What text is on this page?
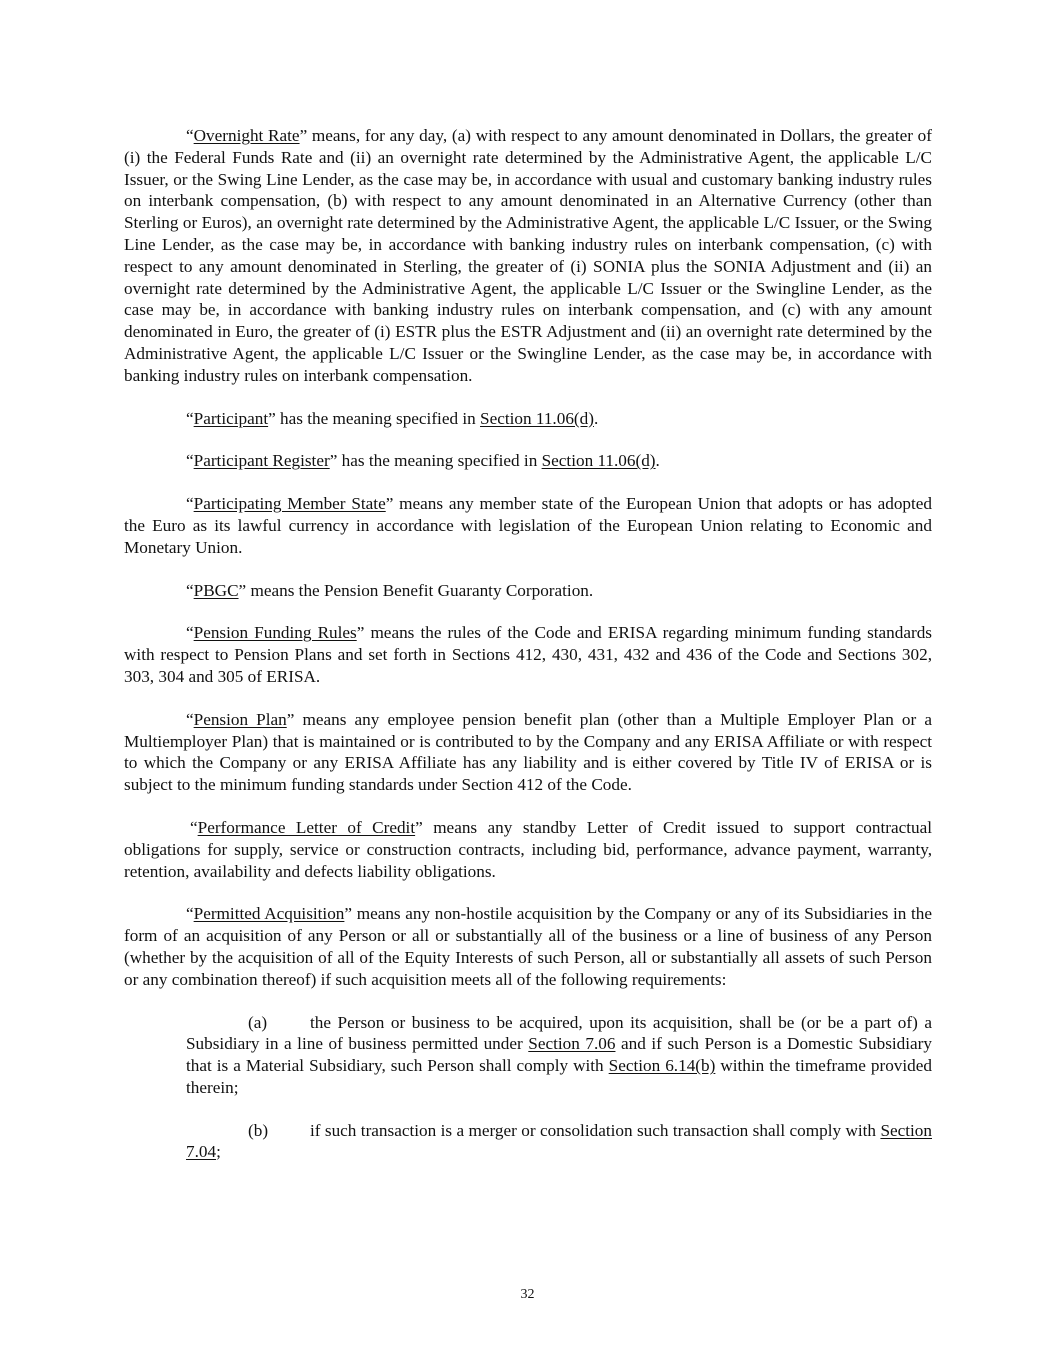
“Overnight Rate” means, for any day, (a) with respect to any amount denominated in Dollars, the greater of (i) the Federal Funds Rate and (ii) an overnight rate determined by the Administrative Agent, the applicable L/C Issuer, or the Swing Line Lender, as the case may be, in accordance with usual and customary banking industry rules on interbank compensation, (b) with respect to any amount denominated in an Alternative Currency (other than Sterling or Euros), an overnight rate determined by the Administrative Agent, the applicable L/C Issuer, or the Swing Line Lender, as the case may be, in accordance with banking industry rules on interbank compensation, (c) with respect to any amount denominated in Sterling, the greater of (i) SONIA plus the SONIA Adjustment and (ii) an overnight rate determined by the Administrative Agent, the applicable L/C Issuer or the Swingline Lender, as the case may be, in accordance with banking industry rules on interbank compensation, and (c) with any amount denominated in Euro, the greater of (i) ESTR plus the ESTR Adjustment and (ii) an overnight rate determined by the Administrative Agent, the applicable L/C Issuer or the Swingline Lender, as the case may be, in accordance with banking industry rules on interbank compensation.

“Participant” has the meaning specified in Section 11.06(d).

“Participant Register” has the meaning specified in Section 11.06(d).

“Participating Member State” means any member state of the European Union that adopts or has adopted the Euro as its lawful currency in accordance with legislation of the European Union relating to Economic and Monetary Union.

“PBGC” means the Pension Benefit Guaranty Corporation.

“Pension Funding Rules” means the rules of the Code and ERISA regarding minimum funding standards with respect to Pension Plans and set forth in Sections 412, 430, 431, 432 and 436 of the Code and Sections 302, 303, 304 and 305 of ERISA.

“Pension Plan” means any employee pension benefit plan (other than a Multiple Employer Plan or a Multiemployer Plan) that is maintained or is contributed to by the Company and any ERISA Affiliate or with respect to which the Company or any ERISA Affiliate has any liability and is either covered by Title IV of ERISA or is subject to the minimum funding standards under Section 412 of the Code.

“Performance Letter of Credit” means any standby Letter of Credit issued to support contractual obligations for supply, service or construction contracts, including bid, performance, advance payment, warranty, retention, availability and defects liability obligations.

“Permitted Acquisition” means any non-hostile acquisition by the Company or any of its Subsidiaries in the form of an acquisition of any Person or all or substantially all of the business or a line of business of any Person (whether by the acquisition of all of the Equity Interests of such Person, all or substantially all assets of such Person or any combination thereof) if such acquisition meets all of the following requirements:

(a) the Person or business to be acquired, upon its acquisition, shall be (or be a part of) a Subsidiary in a line of business permitted under Section 7.06 and if such Person is a Domestic Subsidiary that is a Material Subsidiary, such Person shall comply with Section 6.14(b) within the timeframe provided therein;

(b) if such transaction is a merger or consolidation such transaction shall comply with Section 7.04;

32
